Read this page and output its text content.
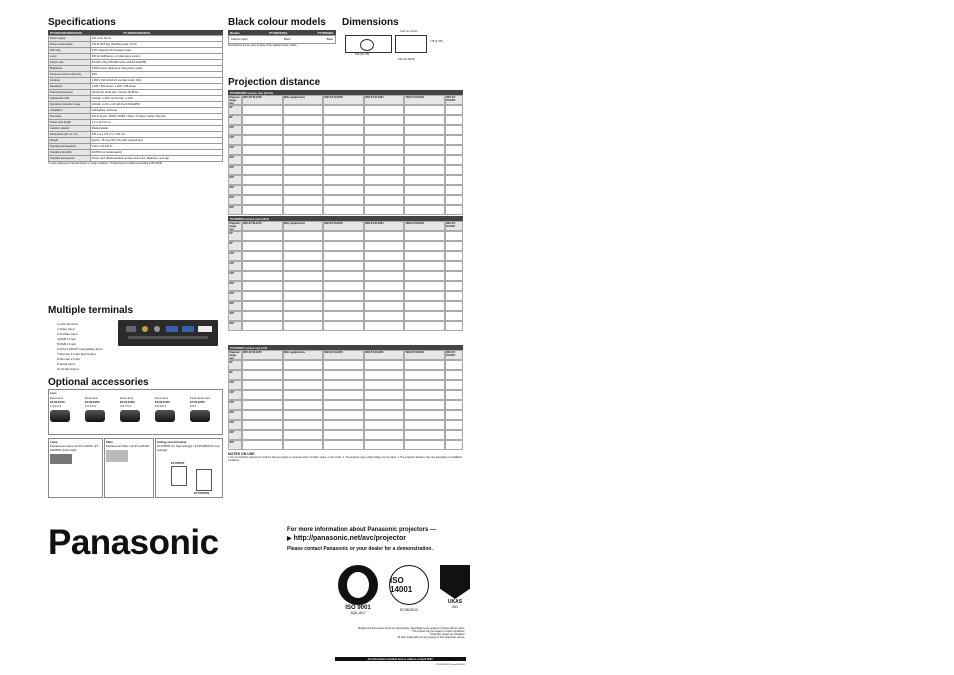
Specifications
PT-DW5100U/DW5100UL	PT-D5000U/D5000UL
Power supply	120 V AC, 60 Hz
Power consumption	710 W (815 VA) (Standby mode: 16 W)
DLP chip	0.65" diagonal (16:10 aspect ratio)
Lamp	300 W UHM lamps x 2 (dual lamp system)
Screen size	50-600 inches (50-300 inches with ET-DLE055)
Brightness	6,500 lumens (dual lamp, high power mode)
Center-to-corner uniformity	90%
Contrast	2,000:1 (full on/full off, contrast mode: high)
Resolution	1,280 x 800 pixels / 1,024 x 768 pixels
Scanning frequency	Horizontal: 15-91 kHz, Vertical: 50-85 Hz
Optical lens shift	Vertical: +/-50%, Horizontal: +/-10%
Keystone correction range	Vertical: +/-40 (+/-22 with the ET-DLE055)
Installation	Ceiling/floor, front/rear
Terminals	DVI-D 24-pin / RGB1 / RGB2 / Video / S-Video / Serial / Remote
Power cord length	3.0 m (9 ft 10 in)
Cabinet material	Molded plastic
Dimensions (W x H x D)	530 mm x 175 mm x 430 mm
Weight	Approx. 15.0 kg (33.1 lbs) with supplied lens
Operating temperature	0-40 C (32-104 F)
Operating humidity	20-80% (no condensation)
Supplied accessories	Power cord, Wireless/wired remote control unit, Batteries, Lens cap
*1 Lamp replacement intervals depend on usage conditions. *2 Measurement conditions according to ISO 21118.
Multiple terminals
1 LAN Terminal
2 Video Input
3 S-Video Input
4 RGB 1 Input
5 RGB 2 Input
6 DVI-D (HDCP Compatible) Input
7 Remote 1 Input and Output
8 Remote 2 Input
9 Serial Input
10 Serial Output
Optional accessories
Lens
Zoom lens
ET-DLE150
1.3-2.0:1
Zoom lens
ET-DLE250
2.0-3.9:1
Zoom lens
ET-DLE350
3.9-7.5:1
Zoom lens
ET-DLE450
5.9-9.9:1
Fixed-focus lens
ET-DLE055
0.8:1
Lamp
Replacement lamp unit ET-LAD55 / ET-LAD55W (Twin pack)
Filter
Replacement filter unit ET-ACF100
Ceiling mount bracket
ET-PKD55 (for high ceilings) / ET-PKD55S (for low ceilings)
ET-PKD55
ET-PKD55S
Black colour models
Models	PT-DW5100UL	PT-D5000UL
Cabinet colour	Black	Black
Specifications are the same as those of the standard colour models.
Dimensions
Unit: mm (inch)
530 (20-7/8)
430 (16-15/16)
175 (6-7/8)
Projection distance
PT-DW5100U screen size (16:10)
Diagonal image size
With ET-DLE150	With supplied lens	With ET-DLE250	With ET-DLE350	With ET-DLE450	With ET-DLE055
60"
80"
100"
120"
150"
200"
250"
300"
400"
500"
600"
PT-D5000U screen size (16:9)
Diagonal image size
With ET-DLE150	With supplied lens	With ET-DLE250	With ET-DLE350	With ET-DLE450	With ET-DLE055
60"
80"
100"
120"
150"
200"
250"
300"
400"
500"
PT-D5000U screen size (4:3)
Diagonal image size
With ET-DLE150	With supplied lens	With ET-DLE250	With ET-DLE350	With ET-DLE450	With ET-DLE055
60"
80"
100"
120"
150"
200"
250"
300"
400"
NOTES ON USE
1. Do not install the projector in locations that are subject to excessive water, humidity, steam, or oily smoke. 2. The projector uses a high-voltage mercury lamp. 3. The projection distance may vary depending on installation conditions.
Panasonic	For more information about Panasonic projectors —
▶ http://panasonic.net/avc/projector
Please contact Panasonic or your dealer for a demonstration.
ISO 9001
JQA-1617
ISO 14001
EC98J2010
UKAS
061
Weights and dimensions shown are approximate. Specifications are subject to change without notice.
This product may be subject to export regulations.
Projection images are simulated.
All other trademarks are the property of their respective owners.
All information included here is valid as of April 2007.
PT-DW5100U Series/D5000U
